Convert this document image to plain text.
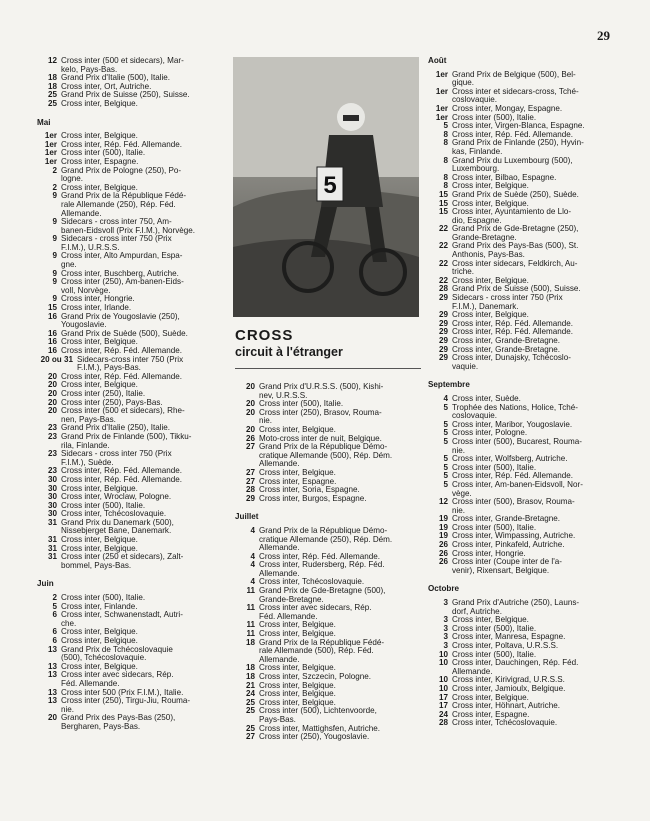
29
12 Cross inter (500 et sidecars), Mar-
kelo, Pays-Bas.
18 Grand Prix d'Italie (500), Italie.
18 Cross inter, Ort, Autriche.
25 Grand Prix de Suisse (250), Suisse.
25 Cross inter, Belgique.
Mai
1er Cross inter, Belgique.
1er Cross inter, Rép. Féd. Allemande.
1er Cross inter (500), Italie.
1er Cross inter, Espagne.
2 Grand Prix de Pologne (250), Po-
logne.
2 Cross inter, Belgique.
9 Grand Prix de la République Fédé-
rale Allemande (250), Rép. Féd.
Allemande.
9 Sidecars - cross inter 750, Am-
banen-Eidsvoll (Prix F.I.M.), Norvège.
9 Sidecars - cross inter 750 (Prix
F.I.M.), U.R.S.S.
9 Cross inter, Alto Ampurdan, Espa-
gne.
9 Cross inter, Buschberg, Autriche.
9 Cross inter (250), Am-banen-Eids-
voll, Norvège.
9 Cross inter, Hongrie.
15 Cross inter, Irlande.
16 Grand Prix de Yougoslavie (250),
Yougoslavie.
16 Grand Prix de Suède (500), Suède.
16 Cross inter, Belgique.
16 Cross inter, Rép. Féd. Allemande.
20 ou 31 Sidecars-cross inter 750 (Prix
F.I.M.), Pays-Bas.
20 Cross inter, Rép. Féd. Allemande.
20 Cross inter, Belgique.
20 Cross inter (250), Italie.
20 Cross inter (250), Pays-Bas.
20 Cross inter (500 et sidecars), Rhe-
nen, Pays-Bas.
23 Grand Prix d'Italie (250), Italie.
23 Grand Prix de Finlande (500), Tikku-
rila, Finlande.
23 Sidecars - cross inter 750 (Prix
F.I.M.), Suède.
23 Cross inter, Rép. Féd. Allemande.
30 Cross inter, Rép. Féd. Allemande.
30 Cross inter, Belgique.
30 Cross inter, Wroclaw, Pologne.
30 Cross inter (500), Italie.
30 Cross inter, Tchécoslovaquie.
31 Grand Prix du Danemark (500),
Nissebjerget Bane, Danemark.
31 Cross inter, Belgique.
31 Cross inter, Belgique.
31 Cross inter (250 et sidecars), Zalt-
bommel, Pays-Bas.
Juin
2 Cross inter (500), Italie.
5 Cross inter, Finlande.
6 Cross inter, Schwanenstadt, Autri-
che.
6 Cross inter, Belgique.
6 Cross inter, Belgique.
13 Grand Prix de Tchécoslovaquie
(500), Tchécoslovaquie.
13 Cross inter, Belgique.
13 Cross inter avec sidecars, Rép.
Féd. Allemande.
13 Cross inter 500 (Prix F.I.M.), Italie.
13 Cross inter (250), Tirgu-Jiu, Rouma-
nie.
20 Grand Prix des Pays-Bas (250),
Bergharen, Pays-Bas.
5
CROSS
circuit à l'étranger
20 Grand Prix d'U.R.S.S. (500), Kishi-
nev, U.R.S.S.
20 Cross inter (500), Italie.
20 Cross inter (250), Brasov, Rouma-
nie.
20 Cross inter, Belgique.
26 Moto-cross inter de nuit, Belgique.
27 Grand Prix de la République Démo-
cratique Allemande (500), Rép. Dém.
Allemande.
27 Cross inter, Belgique.
27 Cross inter, Espagne.
28 Cross inter, Soria, Espagne.
29 Cross inter, Burgos, Espagne.
Juillet
4 Grand Prix de la République Démo-
cratique Allemande (250), Rép. Dém.
Allemande.
4 Cross inter, Rép. Féd. Allemande.
4 Cross inter, Rudersberg, Rép. Féd.
Allemande.
4 Cross inter, Tchécoslovaquie.
11 Grand Prix de Gde-Bretagne (500),
Grande-Bretagne.
11 Cross inter avec sidecars, Rép.
Féd. Allemande.
11 Cross inter, Belgique.
11 Cross inter, Belgique.
18 Grand Prix de la République Fédé-
rale Allemande (500), Rép. Féd.
Allemande.
18 Cross inter, Belgique.
18 Cross inter, Szczecin, Pologne.
21 Cross inter, Belgique.
24 Cross inter, Belgique.
25 Cross inter, Belgique.
25 Cross inter (500), Lichtenvoorde,
Pays-Bas.
25 Cross inter, Mattighsfen, Autriche.
27 Cross inter (250), Yougoslavie.
Août
1er Grand Prix de Belgique (500), Bel-
gique.
1er Cross inter et sidecars-cross, Tché-
coslovaquie.
1er Cross inter, Mongay, Espagne.
1er Cross inter (500), Italie.
5 Cross inter, Virgen-Blanca, Espagne.
8 Cross inter, Rép. Féd. Allemande.
8 Grand Prix de Finlande (250), Hyvin-
kas, Finlande.
8 Grand Prix du Luxembourg (500),
Luxembourg.
8 Cross inter, Bilbao, Espagne.
8 Cross inter, Belgique.
15 Grand Prix de Suède (250), Suède.
15 Cross inter, Belgique.
15 Cross inter, Ayuntamiento de Llo-
dio, Espagne.
22 Grand Prix de Gde-Bretagne (250),
Grande-Bretagne.
22 Grand Prix des Pays-Bas (500), St.
Anthonis, Pays-Bas.
22 Cross inter sidecars, Feldkirch, Au-
triche.
22 Cross inter, Belgique.
28 Grand Prix de Suisse (500), Suisse.
29 Sidecars - cross inter 750 (Prix
F.I.M.), Danemark.
29 Cross inter, Belgique.
29 Cross inter, Rép. Féd. Allemande.
29 Cross inter, Rép. Féd. Allemande.
29 Cross inter, Grande-Bretagne.
29 Cross inter, Grande-Bretagne.
29 Cross inter, Dunajsky, Tchécoslo-
vaquie.
Septembre
4 Cross inter, Suède.
5 Trophée des Nations, Holice, Tché-
coslovaquie.
5 Cross inter, Maribor, Yougoslavie.
5 Cross inter, Pologne.
5 Cross inter (500), Bucarest, Rouma-
nie.
5 Cross inter, Wolfsberg, Autriche.
5 Cross inter (500), Italie.
5 Cross inter, Rép. Féd. Allemande.
5 Cross inter, Am-banen-Eidsvoll, Nor-
vège.
12 Cross inter (500), Brasov, Rouma-
nie.
19 Cross inter, Grande-Bretagne.
19 Cross inter (500), Italie.
19 Cross inter, Wimpassing, Autriche.
26 Cross inter, Pinkafeld, Autriche.
26 Cross inter, Hongrie.
26 Cross inter (Coupe inter de l'a-
venir), Rixensart, Belgique.
Octobre
3 Grand Prix d'Autriche (250), Launs-
dorf, Autriche.
3 Cross inter, Belgique.
3 Cross inter (500), Italie.
3 Cross inter, Manresa, Espagne.
3 Cross inter, Poltava, U.R.S.S.
10 Cross inter (500), Italie.
10 Cross inter, Dauchingen, Rép. Féd.
Allemande.
10 Cross inter, Kirivigrad, U.R.S.S.
10 Cross inter, Jamioulx, Belgique.
17 Cross inter, Belgique.
17 Cross inter, Höhnart, Autriche.
24 Cross inter, Espagne.
28 Cross inter, Tchécoslovaquie.
